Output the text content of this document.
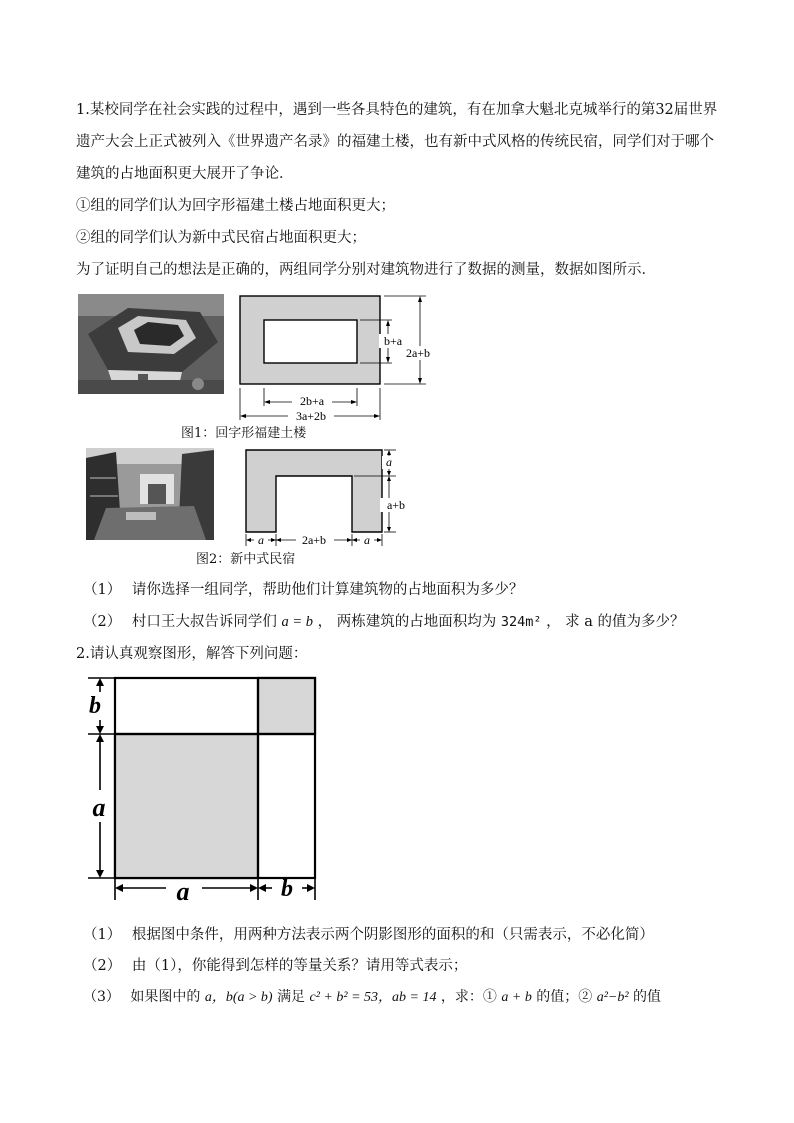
1.某校同学在社会实践的过程中，遇到一些各具特色的建筑，有在加拿大魁北克城举行的第32届世界
遗产大会上正式被列入《世界遗产名录》的福建土楼，也有新中式风格的传统民宿，同学们对于哪个
建筑的占地面积更大展开了争论．
①组的同学们认为回字形福建土楼占地面积更大；
②组的同学们认为新中式民宿占地面积更大；
为了证明自己的想法是正确的，两组同学分别对建筑物进行了数据的测量，数据如图所示．
2b+a
3a+2b
b+a
2a+b
图1：回字形福建土楼
a
a+b
a	2a+b	a
图2：新中式民宿
（1） 请你选择一组同学，帮助他们计算建筑物的占地面积为多少？
（2） 村口王大叔告诉同学们 a = b ， 两栋建筑的占地面积均为 324m² ， 求 a 的值为多少？
2.请认真观察图形，解答下列问题：
b
a
a	b
（1） 根据图中条件，用两种方法表示两个阴影图形的面积的和（只需表示，不必化简）
（2） 由（1），你能得到怎样的等量关系？请用等式表示；
（3） 如果图中的 a，b(a > b) 满足 c² + b² = 53，ab = 14 ，求：① a + b 的值；② a²−b² 的值
